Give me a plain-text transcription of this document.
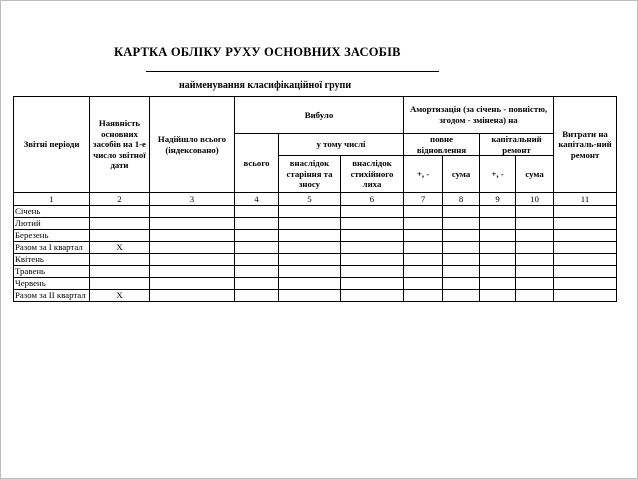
КАРТКА ОБЛІКУ РУХУ ОСНОВНИХ ЗАСОБІВ
найменування класифікаційної групи
Звітні періоди	Наявність основних засобів на 1-е число звітної дати	Надійшло всього (індексовано)	Вибуло			Амортизація (за січень - повністю, згодом - змінена) на				Витрати на капіталь-ний ремонт
			всього	у тому числі		повне відновлення		капітальний ремонт		
				внаслідок старіння та зносу	внаслідок стихійного лиха	+, -	сума	+, -	сума	
1	2	3	4	5	6	7	8	9	10	11
Січень										
Лютий										
Березень										
Разом за I квартал	Х									
Квітень										
Травень										
Червень										
Разом за II квартал	Х									
